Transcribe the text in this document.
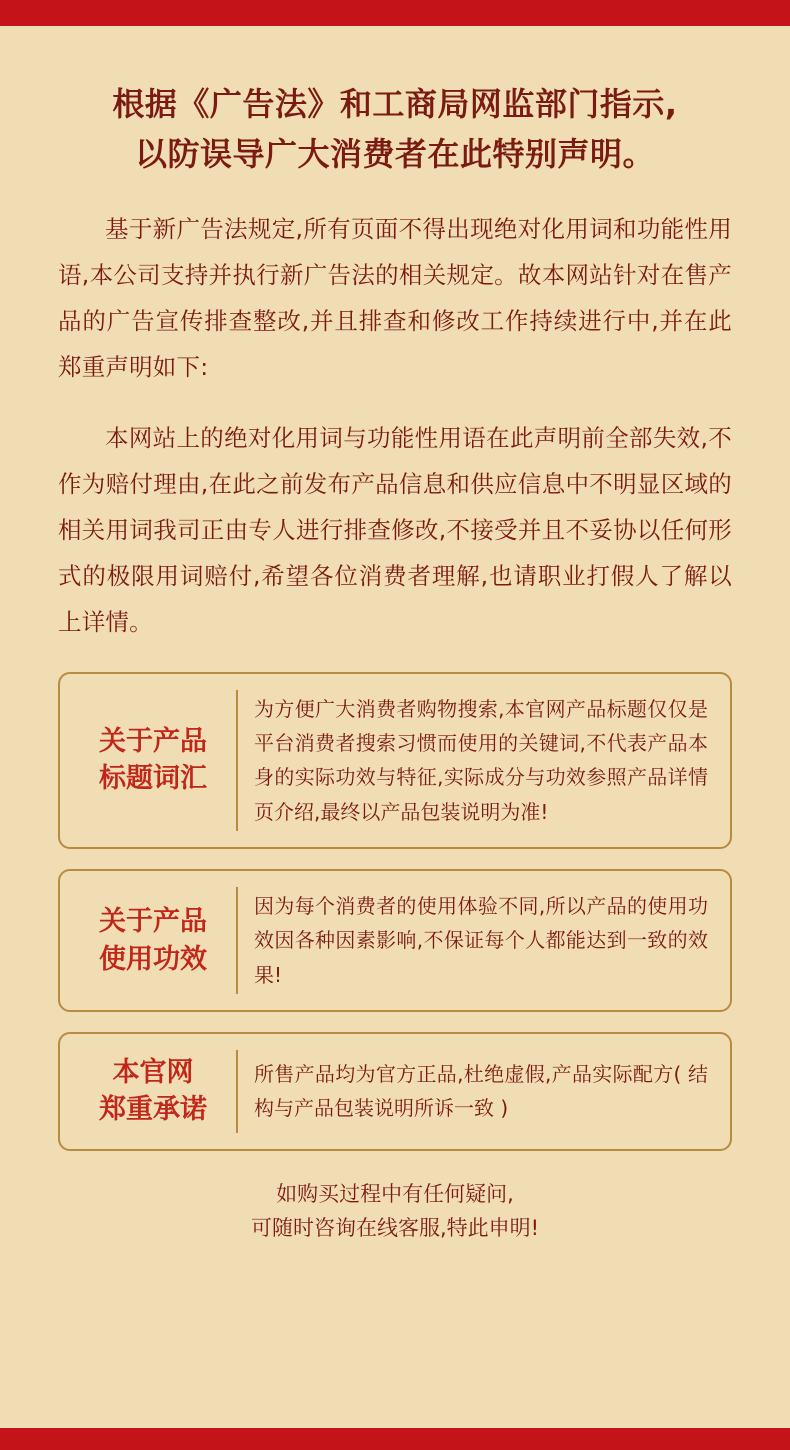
根据《广告法》和工商局网监部门指示,
以防误导广大消费者在此特别声明。

基于新广告法规定,所有页面不得出现绝对化用词和功能性用语,本公司支持并执行新广告法的相关规定。故本网站针对在售产品的广告宣传排查整改,并且排查和修改工作持续进行中,并在此郑重声明如下:

本网站上的绝对化用词与功能性用语在此声明前全部失效,不作为赔付理由,在此之前发布产品信息和供应信息中不明显区域的相关用词我司正由专人进行排查修改,不接受并且不妥协以任何形式的极限用词赔付,希望各位消费者理解,也请职业打假人了解以上详情。

关于产品
标题词汇

为方便广大消费者购物搜索,本官网产品标题仅仅是平台消费者搜索习惯而使用的关键词,不代表产品本身的实际功效与特征,实际成分与功效参照产品详情页介绍,最终以产品包装说明为准!

关于产品
使用功效

因为每个消费者的使用体验不同,所以产品的使用功效因各种因素影响,不保证每个人都能达到一致的效果!

本官网
郑重承诺

所售产品均为官方正品,杜绝虚假,产品实际配方( 结构与产品包装说明所诉一致 )

如购买过程中有任何疑问,
可随时咨询在线客服,特此申明!
